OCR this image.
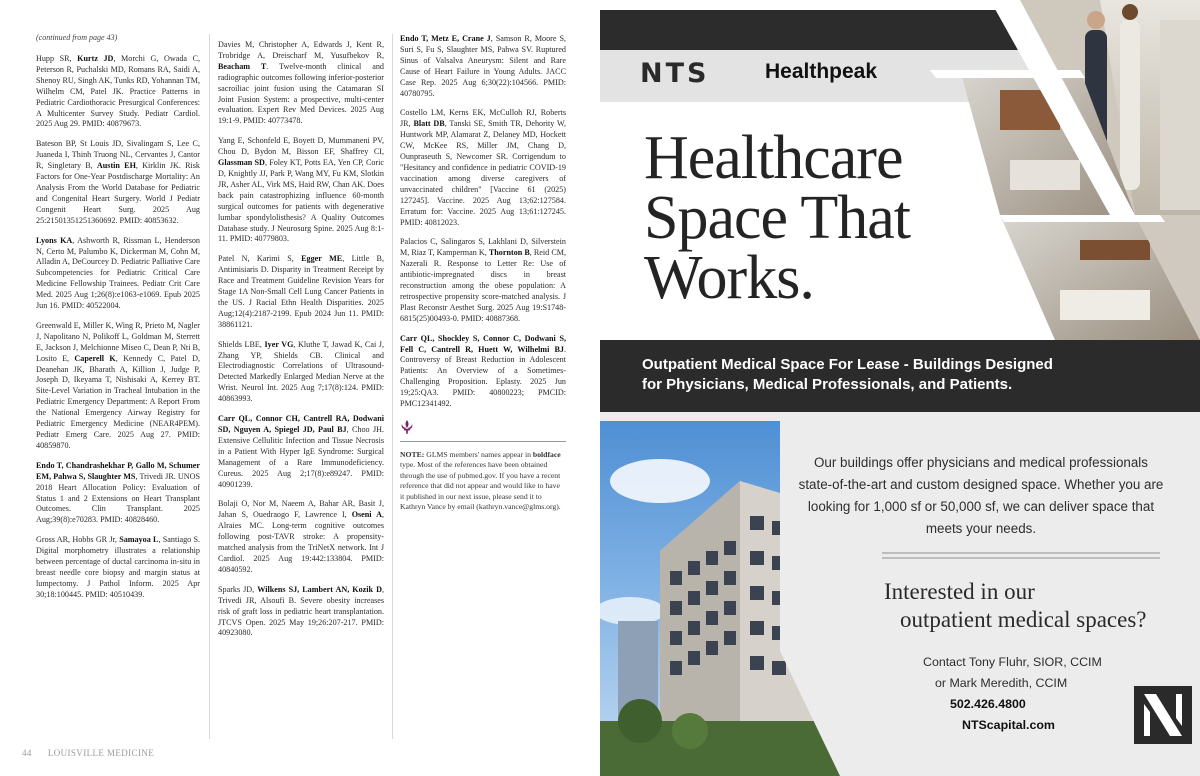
(continued from page 43)
Hupp SR, Kurtz JD, Morchi G, Owada C, Peterson R, Puchalski MD, Romans RA, Saidi A, Shenoy RU, Singh AK, Tunks RD, Yohannan TM, Wilhelm CM, Patel JK. Practice Patterns in Pediatric Cardiothoracic Presurgical Conferences: A Multicenter Survey Study. Pediatr Cardiol. 2025 Aug 29. PMID: 40879673.
Bateson BP, St Louis JD, Sivalingam S, Lee C, Juaneda I, Thinh Truong NL, Cervantes J, Cantor R, Singletary B, Austin EH, Kirklin JK. Risk Factors for One-Year Postdischarge Mortality: An Analysis From the World Database for Pediatric and Congenital Heart Surgery. World J Pediatr Congenit Heart Surg. 2025 Aug 25:21501351251360692. PMID: 40853632.
Lyons KA, Ashworth R, Rissman L, Henderson N, Certo M, Palumbo K, Dickerman M, Cohn M, Alladin A, DeCourcey D. Pediatric Palliative Care Subcompetencies for Pediatric Critical Care Medicine Fellowship Trainees. Pediatr Crit Care Med. 2025 Aug 1;26(8):e1063-e1069. Epub 2025 Jun 16. PMID: 40522004.
Greenwald E, Miller K, Wing R, Prieto M, Nagler J, Napolitano N, Polikoff L, Goldman M, Sterrett E, Jackson J, Melchionne Miseo C, Dean P, Nti B, Losito E, Caperell K, Kennedy C, Patel D, Deanehan JK, Bharath A, Killion J, Judge P, Joseph D, Ikeyama T, Nishisaki A, Kerrey BT. Site-Level Variation in Tracheal Intubation in the Pediatric Emergency Department: A Report From the National Emergency Airway Registry for Pediatric Emergency Medicine (NEAR4PEM). Pediatr Emerg Care. 2025 Aug 27. PMID: 40859870.
Endo T, Chandrashekhar P, Gallo M, Schumer EM, Pahwa S, Slaughter MS, Trivedi JR. UNOS 2018 Heart Allocation Policy: Evaluation of Status 1 and 2 Extensions on Heart Transplant Outcomes. Clin Transplant. 2025 Aug;39(8):e70283. PMID: 40828460.
Gross AR, Hobbs GR Jr, Samayoa L, Santiago S. Digital morphometry illustrates a relationship between percentage of ductal carcinoma in-situ in breast needle core biopsy and margin status at lumpectomy. J Pathol Inform. 2025 Apr 30;18:100445. PMID: 40510439.
Davies M, Christopher A, Edwards J, Kent R, Trobridge A, Dreischarf M, Yusufbekov R, Beacham T. Twelve-month clinical and radiographic outcomes following inferior-posterior sacroiliac joint fusion using the Catamaran SI Joint Fusion System: a prospective, multi-center evaluation. Expert Rev Med Devices. 2025 Aug 19:1-9. PMID: 40773478.
Yang E, Schonfeld E, Boyett D, Mummaneni PV, Chou D, Bydon M, Bisson EF, Shaffrey CI, Glassman SD, Foley KT, Potts EA, Yen CP, Coric D, Knightly JJ, Park P, Wang MY, Fu KM, Slotkin JR, Asher AL, Virk MS, Haid RW, Chan AK. Does back pain catastrophizing influence 60-month surgical outcomes for patients with degenerative lumbar spondylolisthesis? A Quality Outcomes Database study. J Neurosurg Spine. 2025 Aug 8:1-11. PMID: 40779803.
Patel N, Karimi S, Egger ME, Little B, Antimisiaris D. Disparity in Treatment Receipt by Race and Treatment Guideline Revision Years for Stage 1A Non-Small Cell Lung Cancer Patients in the US. J Racial Ethn Health Disparities. 2025 Aug;12(4):2187-2199. Epub 2024 Jun 11. PMID: 38861121.
Shields LBE, Iyer VG, Kluthe T, Jawad K, Cai J, Zhang YP, Shields CB. Clinical and Electrodiagnostic Correlations of Ultrasound-Detected Markedly Enlarged Median Nerve at the Wrist. Neurol Int. 2025 Aug 7;17(8):124. PMID: 40863993.
Carr QL, Connor CH, Cantrell RA, Dodwani SD, Nguyen A, Spiegel JD, Paul BJ, Choo JH. Extensive Cellulitic Infection and Tissue Necrosis in a Patient With Hyper IgE Syndrome: Surgical Management of a Rare Immunodeficiency. Cureus. 2025 Aug 2;17(8):e89247. PMID: 40901239.
Bolaji O, Nor M, Naeem A, Bahar AR, Basit J, Jahan S, Ouedraogo F, Lawrence I, Oseni A, Alraies MC. Long-term cognitive outcomes following post-TAVR stroke: A propensity-matched analysis from the TriNetX network. Int J Cardiol. 2025 Aug 19:442:133804. PMID: 40840592.
Sparks JD, Wilkens SJ, Lambert AN, Kozik D, Trivedi JR, Alsoufi B. Severe obesity increases risk of graft loss in pediatric heart transplantation. JTCVS Open. 2025 May 19;26:207-217. PMID: 40923080.
Endo T, Metz E, Crane J, Samson R, Moore S, Suri S, Fu S, Slaughter MS, Pahwa SV. Ruptured Sinus of Valsalva Aneurysm: Silent and Rare Cause of Heart Failure in Young Adults. JACC Case Rep. 2025 Aug 6;30(22):104566. PMID: 40780795.
Costello LM, Kerns EK, McCulloh RJ, Roberts JR, Blatt DB, Tanski SE, Smith TR, Dehority W, Huntwork MP, Alamarat Z, Delaney MD, Hockett CW, McKee RS, Miller JM, Chang D, Ounpraseuth S, Newcomer SR. Corrigendum to "Hesitancy and confidence in pediatric COVID-19 vaccination among diverse caregivers of unvaccinated children" [Vaccine 61 (2025) 127245]. Vaccine. 2025 Aug 13;62:127584. Erratum for: Vaccine. 2025 Aug 13;61:127245. PMID: 40812023.
Palacios C, Salingaros S, Lakhlani D, Silverstein M, Riaz T, Kamperman K, Thornton B, Reid CM, Nazerali R. Response to Letter Re: Use of antibiotic-impregnated discs in breast reconstruction among the obese population: A retrospective propensity score-matched analysis. J Plast Reconstr Aesthet Surg. 2025 Aug 19:S1748-6815(25)00493-0. PMID: 40887368.
Carr QL, Shockley S, Connor C, Dodwani S, Fell C, Cantrell R, Huett W, Wilhelmi BJ. Controversy of Breast Reduction in Adolescent Patients: An Overview of a Sometimes-Challenging Proposition. Eplasty. 2025 Jun 19;25:QA3. PMID: 40800223; PMCID: PMC12341492.
NOTE: GLMS members' names appear in boldface type. Most of the references have been obtained through the use of pubmed.gov. If you have a recent reference that did not appear and would like to have it published in our next issue, please send it to Kathryn Vance by email (kathryn.vance@glms.org).
44 LOUISVILLE MEDICINE
NTS	Healthpeak
Healthcare
Space That
Works.
Outpatient Medical Space For Lease - Buildings Designed for Physicians, Medical Professionals, and Patients.
Our buildings offer physicians and medical professionals state-of-the-art and custom designed space. Whether you are looking for 1,000 sf or 50,000 sf, we can deliver space that meets your needs.
Interested in our
outpatient medical spaces?
Contact Tony Fluhr, SIOR, CCIM
or Mark Meredith, CCIM
502.426.4800
NTScapital.com
